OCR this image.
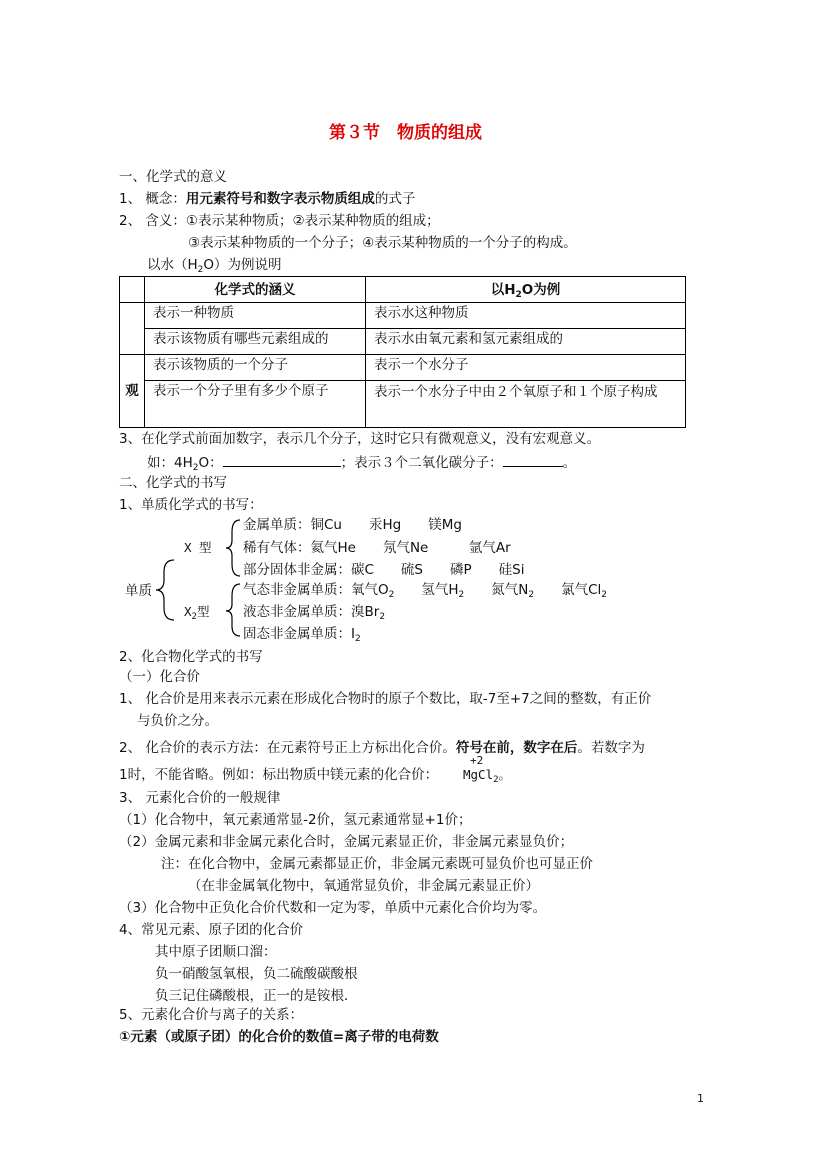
第３节　物质的组成
一、化学式的意义
1、 概念：用元素符号和数字表示物质组成的式子
2、 含义：①表示某种物质；②表示某种物质的组成；
③表示某种物质的一个分子；④表示某种物质的一个分子的构成。
以水$(H_2O)$为例说明
	化学式的涵义	以$H_2O$为例
	表示一种物质	表示水这种物质
	表示该物质有哪些元素组成的	表示水由氧元素和氢元素组成的
观	表示该物质的一个分子	表示一个水分子
	表示一个分子里有多少个原子	表示一个水分子中由２个氧原子和１个原子构成
3、在化学式前面加数字，表示几个分子，这时它只有微观意义，没有宏观意义。
如：$4H_2O$：	；表示３个二氧化碳分子：	。
二、化学式的书写
1、单质化学式的书写：
单质
X 型
$X_2$型
金属单质：铜Cu　　汞Hg　　镁Mg
稀有气体：氦气He　　氖气Ne　　　氩气Ar
部分固体非金属：碳C　　硫S　　磷P　　硅Si
气态非金属单质：氧气$O_2$　　氢气$H_2$　　氮气$N_2$　　氯气$Cl_2$
液态非金属单质：溴$Br_2$
固态非金属单质：$I_2$
2、化合物化学式的书写
（一）化合价
1、 化合价是用来表示元素在形成化合物时的原子个数比，取-7至+7之间的整数，有正价
与负价之分。
2、 化合价的表示方法：在元素符号正上方标出化合价。符号在前，数字在后。若数字为
1时，不能省略。例如：标出物质中镁元素的化合价：
+2
MgCl$_2$。
3、 元素化合价的一般规律
（1）化合物中，氧元素通常显-2价，氢元素通常显+1价；
（2）金属元素和非金属元素化合时，金属元素显正价，非金属元素显负价；
注：在化合物中，金属元素都显正价，非金属元素既可显负价也可显正价
（在非金属氧化物中，氧通常显负价，非金属元素显正价）
（3）化合物中正负化合价代数和一定为零，单质中元素化合价均为零。
4、常见元素、原子团的化合价
其中原子团顺口溜：
负一硝酸氢氧根，负二硫酸碳酸根
负三记住磷酸根，正一的是铵根．
5、元素化合价与离子的关系：
①元素（或原子团）的化合价的数值=离子带的电荷数
1
